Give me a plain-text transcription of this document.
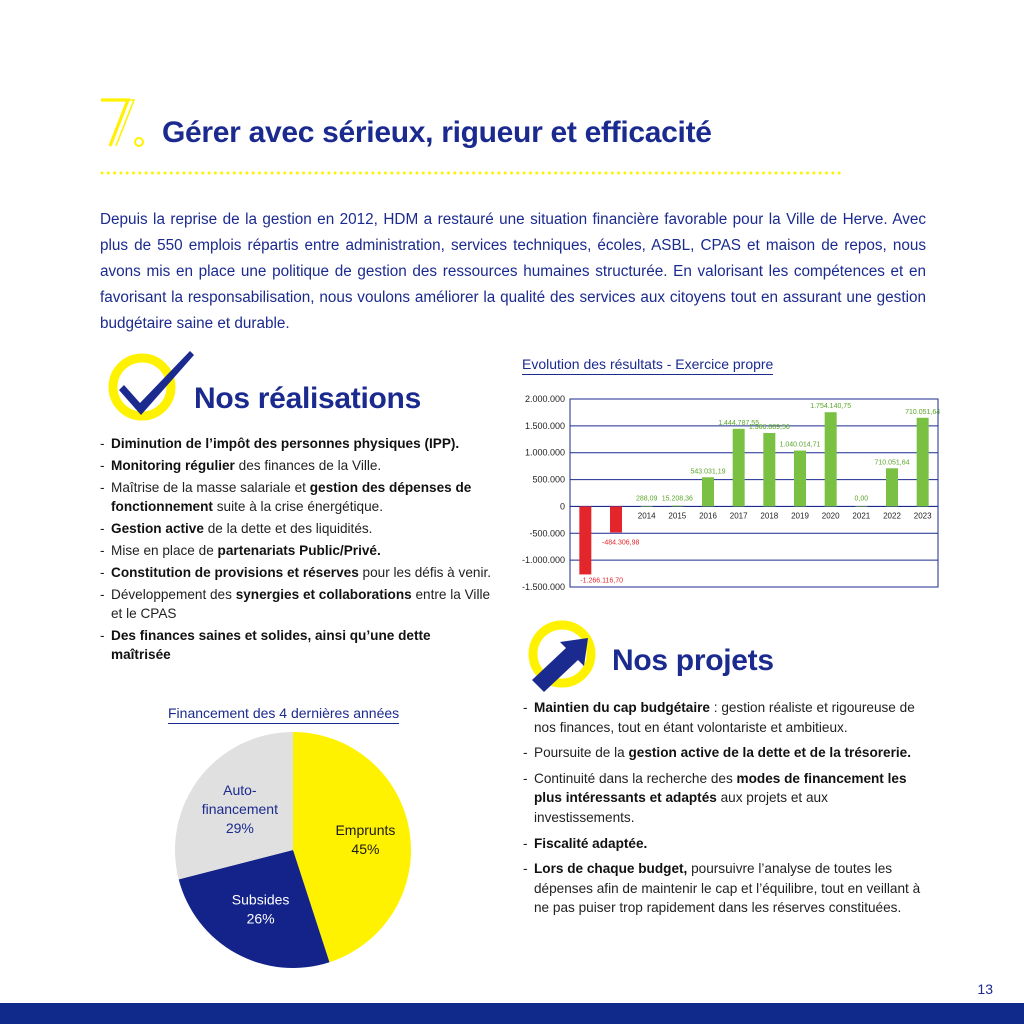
Gérer avec sérieux, rigueur et efficacité
Depuis la reprise de la gestion en 2012, HDM a restauré une situation financière favorable pour la Ville de Herve. Avec plus de 550 emplois répartis entre administration, services techniques, écoles, ASBL, CPAS et maison de repos, nous avons mis en place une politique de gestion des ressources humaines structurée. En valorisant les compétences et en favorisant la responsabilisation, nous voulons améliorer la qualité des services aux citoyens tout en assurant une gestion budgétaire saine et durable.
Nos réalisations
- Diminution de l’impôt des personnes physiques (IPP).
- Monitoring régulier des finances de la Ville.
- Maîtrise de la masse salariale et gestion des dépenses de fonctionnement suite à la crise énergétique.
- Gestion active de la dette et des liquidités.
- Mise en place de partenariats Public/Privé.
- Constitution de provisions et réserves pour les défis à venir.
- Développement des synergies et collaborations entre la Ville et le CPAS
- Des finances saines et solides, ainsi qu’une dette maîtrisée
Financement des 4 dernières années
Emprunts
45%
Subsides
26%
Auto-
financement
29%
Evolution des résultats - Exercice propre
2.000.000
1.500.000
1.000.000
500.000
0
-500.000
-1.000.000
-1.500.000
-1.266.116,70
-484.306,98
288,09
2014
15.208,36
2015
543.031,19
2016
1.444.787,55
2017
1.366.889,56
2018
1.040.014,71
2019
1.754.140,75
2020
0,00
2021
710.051,64
2022
710.051,64
2023
Nos projets
- Maintien du cap budgétaire : gestion réaliste et rigoureuse de nos finances, tout en étant volontariste et ambitieux.
- Poursuite de la gestion active de la dette et de la trésorerie.
- Continuité dans la recherche des modes de financement les plus intéressants et adaptés aux projets et aux investissements.
- Fiscalité adaptée.
- Lors de chaque budget, poursuivre l’analyse de toutes les dépenses afin de maintenir le cap et l’équilibre, tout en veillant à ne pas puiser trop rapidement dans les réserves constituées.
13
